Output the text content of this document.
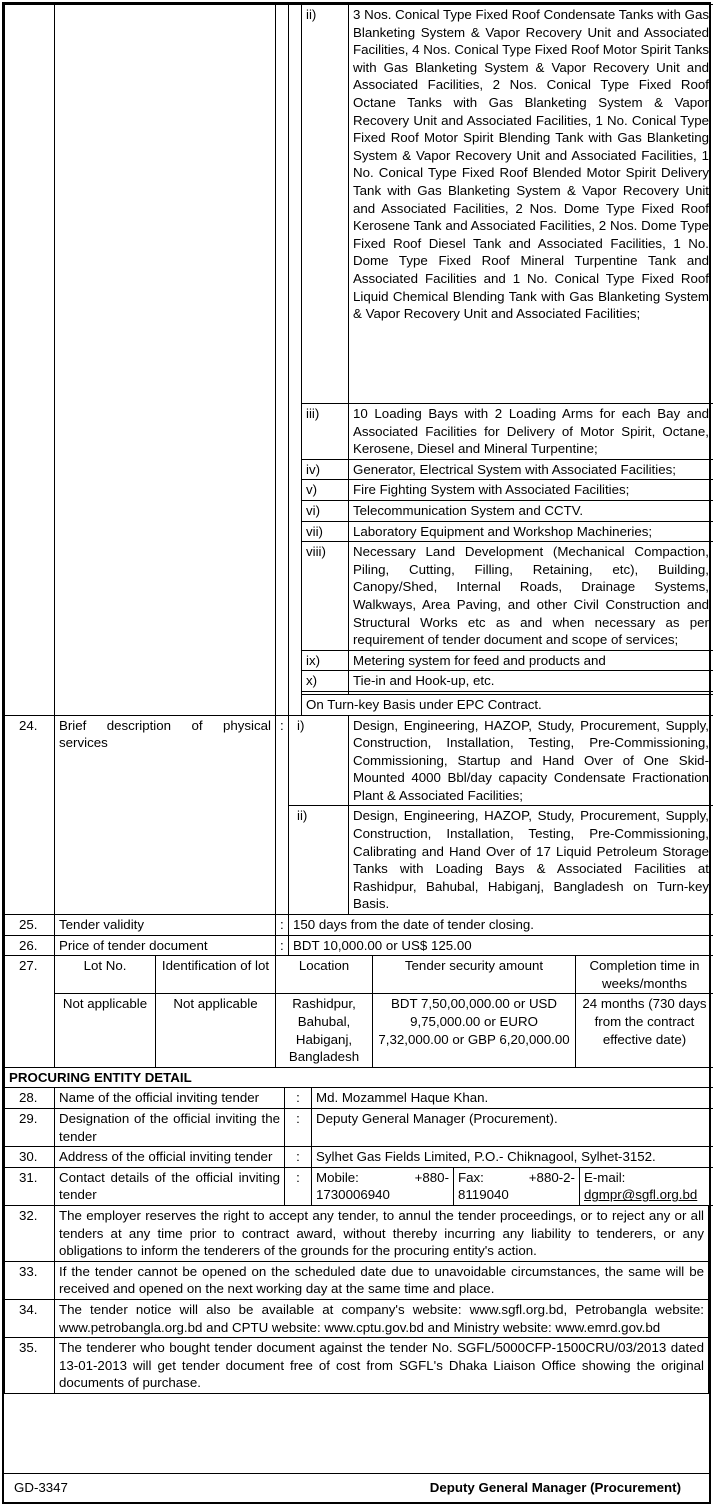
				ii)	3 Nos. Conical Type Fixed Roof Condensate Tanks with Gas Blanketing System & Vapor Recovery Unit and Associated Facilities, 4 Nos. Conical Type Fixed Roof Motor Spirit Tanks with Gas Blanketing System & Vapor Recovery Unit and Associated Facilities, 2 Nos. Conical Type Fixed Roof Octane Tanks with Gas Blanketing System & Vapor Recovery Unit and Associated Facilities, 1 No. Conical Type Fixed Roof Motor Spirit Blending Tank with Gas Blanketing System & Vapor Recovery Unit and Associated Facilities, 1 No. Conical Type Fixed Roof Blended Motor Spirit Delivery Tank with Gas Blanketing System & Vapor Recovery Unit and Associated Facilities, 2 Nos. Dome Type Fixed Roof Kerosene Tank and Associated Facilities, 2 Nos. Dome Type Fixed Roof Diesel Tank and Associated Facilities, 1 No. Dome Type Fixed Roof Mineral Turpentine Tank and Associated Facilities and 1 No. Conical Type Fixed Roof Liquid Chemical Blending Tank with Gas Blanketing System & Vapor Recovery Unit and Associated Facilities;
				iii)	10 Loading Bays with 2 Loading Arms for each Bay and Associated Facilities for Delivery of Motor Spirit, Octane, Kerosene, Diesel and Mineral Turpentine;
				iv)	Generator, Electrical System with Associated Facilities;
				v)	Fire Fighting System with Associated Facilities;
				vi)	Telecommunication System and CCTV.
				vii)	Laboratory Equipment and Workshop Machineries;
				viii)	Necessary Land Development (Mechanical Compaction, Piling, Cutting, Filling, Retaining, etc), Building, Canopy/Shed, Internal Roads, Drainage Systems, Walkways, Area Paving, and other Civil Construction and Structural Works etc as and when necessary as per requirement of tender document and scope of services;
				ix)	Metering system for feed and products and
				x)	Tie-in and Hook-up, etc.

				On Turn-key Basis under EPC Contract.	
24.	Brief description of physical services	:	i)		Design, Engineering, HAZOP, Study, Procurement, Supply, Construction, Installation, Testing, Pre-Commissioning, Commissioning, Startup and Hand Over of One Skid-Mounted 4000 Bbl/day capacity Condensate Fractionation Plant & Associated Facilities;
			ii)		Design, Engineering, HAZOP, Study, Procurement, Supply, Construction, Installation, Testing, Pre-Commissioning, Calibrating and Hand Over of 17 Liquid Petroleum Storage Tanks with Loading Bays & Associated Facilities at Rashidpur, Bahubal, Habiganj, Bangladesh on Turn-key Basis.
25.	Tender validity	:	150 days from the date of tender closing.		
26.	Price of tender document	:	BDT 10,000.00 or US$ 125.00		
27.	Lot No.	Identification of lot	Location	Tender security amount	Completion time in weeks/months
	Not applicable	Not applicable	Rashidpur, Bahubal, Habiganj, Bangladesh	BDT 7,50,00,000.00 or USD 9,75,000.00 or EURO 7,32,000.00 or GBP 6,20,000.00	24 months (730 days from the contract effective date)
PROCURING ENTITY DETAIL					
28.	Name of the official inviting tender	:	Md. Mozammel Haque Khan.		
29.	Designation of the official inviting the tender	:	Deputy General Manager (Procurement).		
30.	Address of the official inviting tender	:	Sylhet Gas Fields Limited, P.O.- Chiknagool, Sylhet-3152.		
31.	Contact details of the official inviting tender	:	Mobile: +880-1730006940	Fax: +880-2-8119040	E-mail:
dgmpr@sgfl.org.bd
32.	The employer reserves the right to accept any tender, to annul the tender proceedings, or to reject any or all tenders at any time prior to contract award, without thereby incurring any liability to tenderers, or any obligations to inform the tenderers of the grounds for the procuring entity's action.
33.	If the tender cannot be opened on the scheduled date due to unavoidable circumstances, the same will be received and opened on the next working day at the same time and place.
34.	The tender notice will also be available at company's website: www.sgfl.org.bd, Petrobangla website: www.petrobangla.org.bd and CPTU website: www.cptu.gov.bd and Ministry website: www.emrd.gov.bd
35.	The tenderer who bought tender document against the tender No. SGFL/5000CFP-1500CRU/03/2013 dated 13-01-2013 will get tender document free of cost from SGFL's Dhaka Liaison Office showing the original documents of purchase.
GD-3347	Deputy General Manager (Procurement)
